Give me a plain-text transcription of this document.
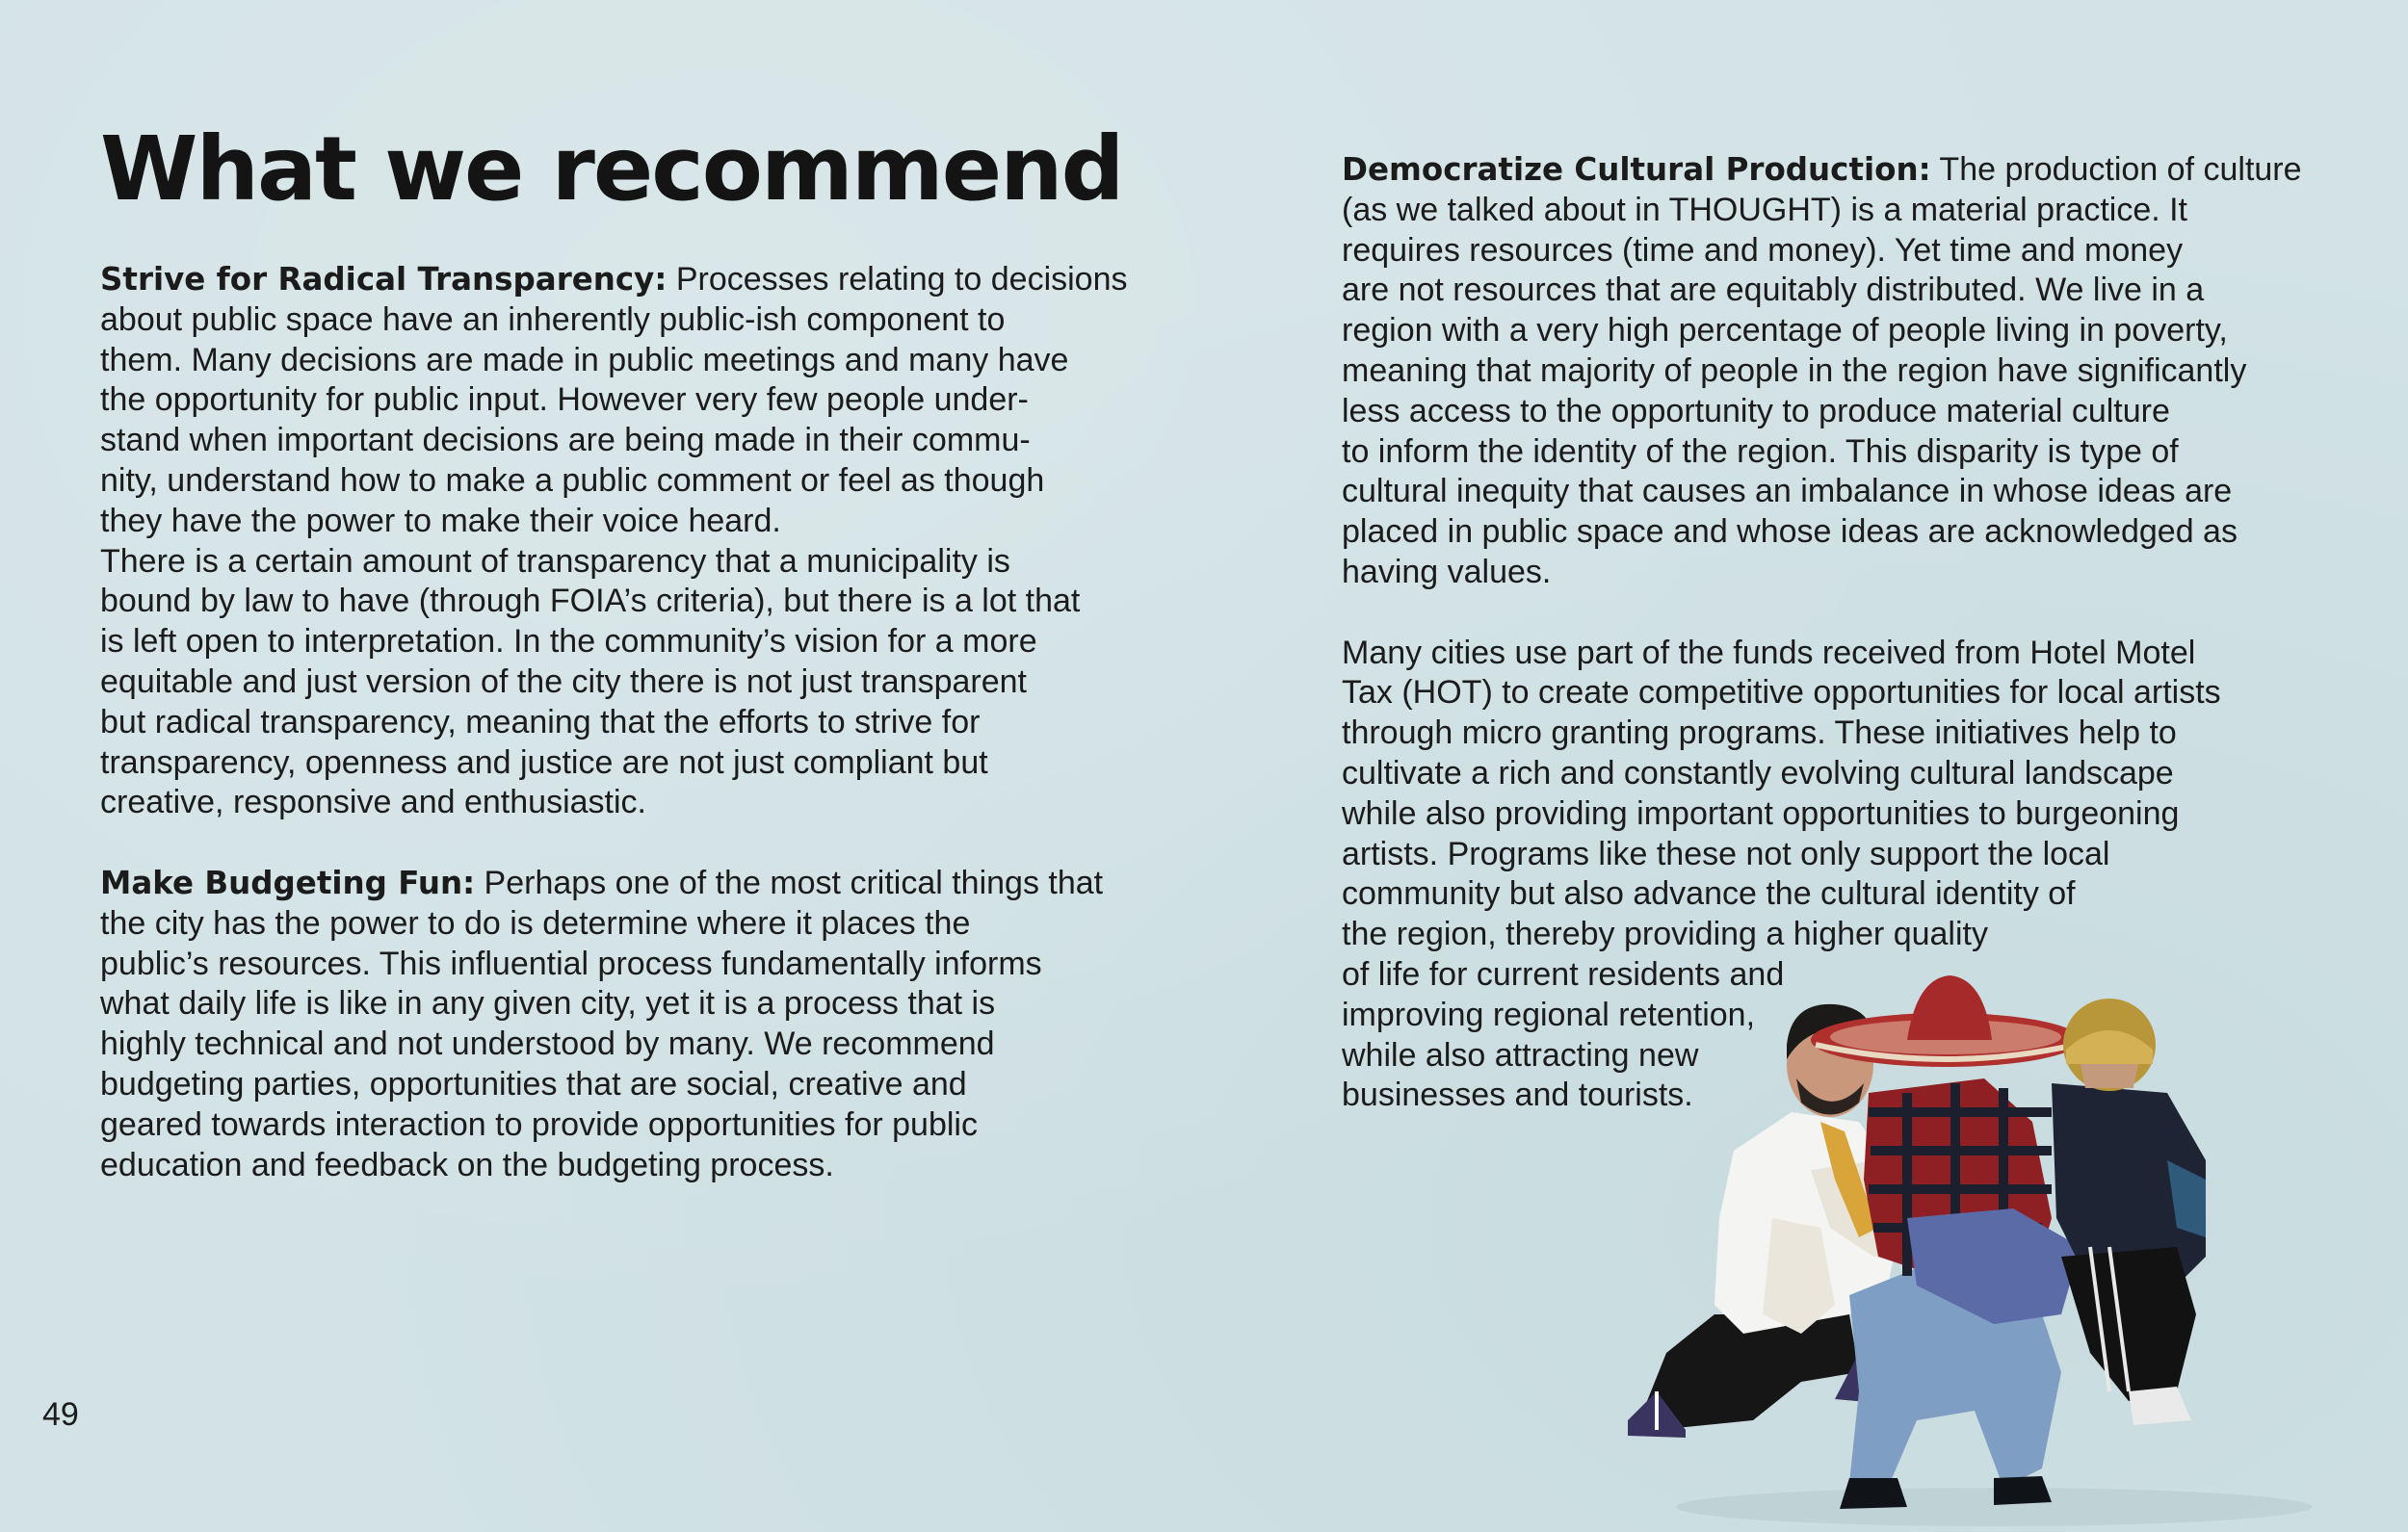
What we recommend

Strive for Radical Transparency: Processes relating to decisions
about public space have an inherently public-ish component to
them. Many decisions are made in public meetings and many have
the opportunity for public input. However very few people under-
stand when important decisions are being made in their commu-
nity, understand how to make a public comment or feel as though
they have the power to make their voice heard.

There is a certain amount of transparency that a municipality is
bound by law to have (through FOIA’s criteria), but there is a lot that
is left open to interpretation. In the community’s vision for a more
equitable and just version of the city there is not just transparent
but radical transparency, meaning that the efforts to strive for
transparency, openness and justice are not just compliant but
creative, responsive and enthusiastic.

Make Budgeting Fun: Perhaps one of the most critical things that
the city has the power to do is determine where it places the
public’s resources. This influential process fundamentally informs
what daily life is like in any given city, yet it is a process that is
highly technical and not understood by many. We recommend
budgeting parties, opportunities that are social, creative and
geared towards interaction to provide opportunities for public
education and feedback on the budgeting process.

Democratize Cultural Production: The production of culture
(as we talked about in THOUGHT) is a material practice. It
requires resources (time and money). Yet time and money
are not resources that are equitably distributed. We live in a
region with a very high percentage of people living in poverty,
meaning that majority of people in the region have significantly
less access to the opportunity to produce material culture
to inform the identity of the region. This disparity is type of
cultural inequity that causes an imbalance in whose ideas are
placed in public space and whose ideas are acknowledged as
having values.

Many cities use part of the funds received from Hotel Motel
Tax (HOT) to create competitive opportunities for local artists
through micro granting programs. These initiatives help to
cultivate a rich and constantly evolving cultural landscape
while also providing important opportunities to burgeoning
artists. Programs like these not only support the local
community but also advance the cultural identity of
the region, thereby providing a higher quality
of life for current residents and
improving regional retention,
while also attracting new
businesses and tourists.

49
